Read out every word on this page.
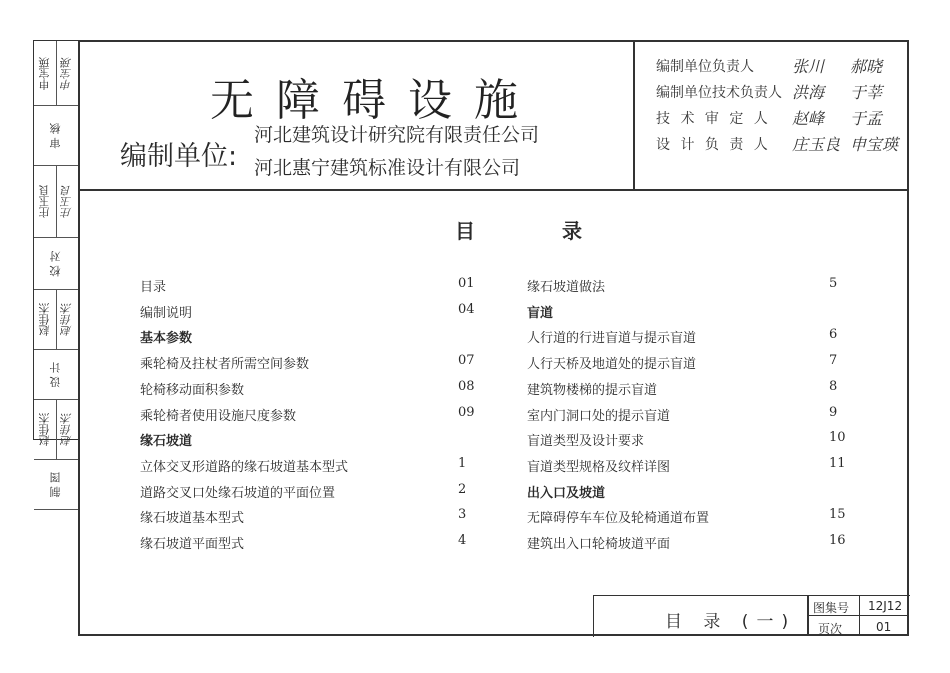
申宝瑛 申宝瑛
审 核
庄玉良 庄玉良
校 对
赵佳杰 赵佳杰
设 计
赵佳杰 赵佳杰
制 图
无障碍设施
编制单位:
河北建筑设计研究院有限责任公司
河北惠宁建筑标准设计有限公司
编制单位负责人 张川 郝晓
编制单位技术负责人 洪海 于莘
技 术 审 定 人 赵峰 于孟
设 计 负 责 人 庄玉良 申宝瑛
目 录
目录	01
编制说明	04
基本参数
乘轮椅及拄杖者所需空间参数	07
轮椅移动面积参数	08
乘轮椅者使用设施尺度参数	09
缘石坡道
立体交叉形道路的缘石坡道基本型式	1
道路交叉口处缘石坡道的平面位置	2
缘石坡道基本型式	3
缘石坡道平面型式	4
缘石坡道做法	5
盲道
人行道的行进盲道与提示盲道	6
人行天桥及地道处的提示盲道	7
建筑物楼梯的提示盲道	8
室内门洞口处的提示盲道	9
盲道类型及设计要求	10
盲道类型规格及纹样详图	11
出入口及坡道
无障碍停车车位及轮椅通道布置	15
建筑出入口轮椅坡道平面	16
目 录 (一)
图集号 12J12
页次	01
